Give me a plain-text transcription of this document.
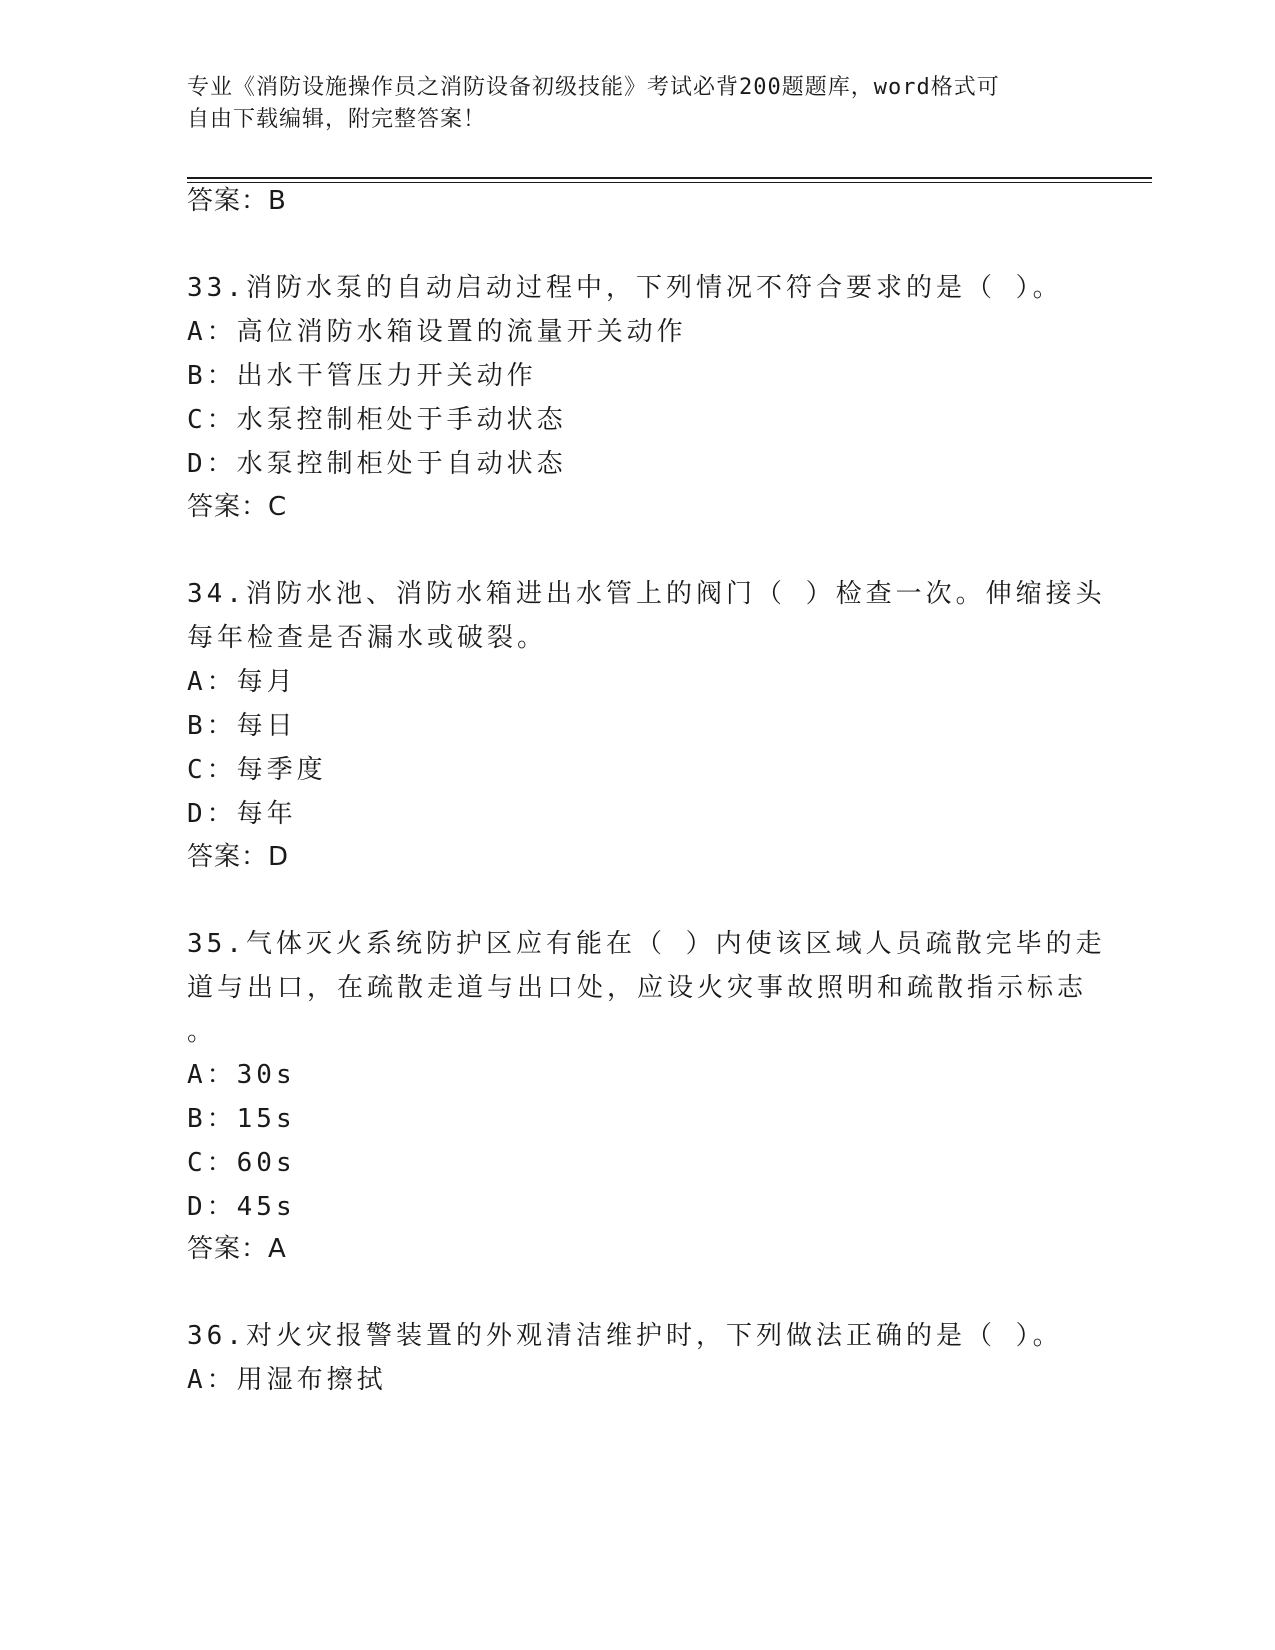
专业《消防设施操作员之消防设备初级技能》考试必背200题题库，word格式可
自由下载编辑，附完整答案！
答案：B
33.消防水泵的自动启动过程中，下列情况不符合要求的是（ ）。
A：高位消防水箱设置的流量开关动作
B：出水干管压力开关动作
C：水泵控制柜处于手动状态
D：水泵控制柜处于自动状态
答案：C
34.消防水池、消防水箱进出水管上的阀门（ ）检查一次。伸缩接头
每年检查是否漏水或破裂。
A：每月
B：每日
C：每季度
D：每年
答案：D
35.气体灭火系统防护区应有能在（ ）内使该区域人员疏散完毕的走
道与出口，在疏散走道与出口处，应设火灾事故照明和疏散指示标志
。
A：30s
B：15s
C：60s
D：45s
答案：A
36.对火灾报警装置的外观清洁维护时，下列做法正确的是（ ）。
A：用湿布擦拭
